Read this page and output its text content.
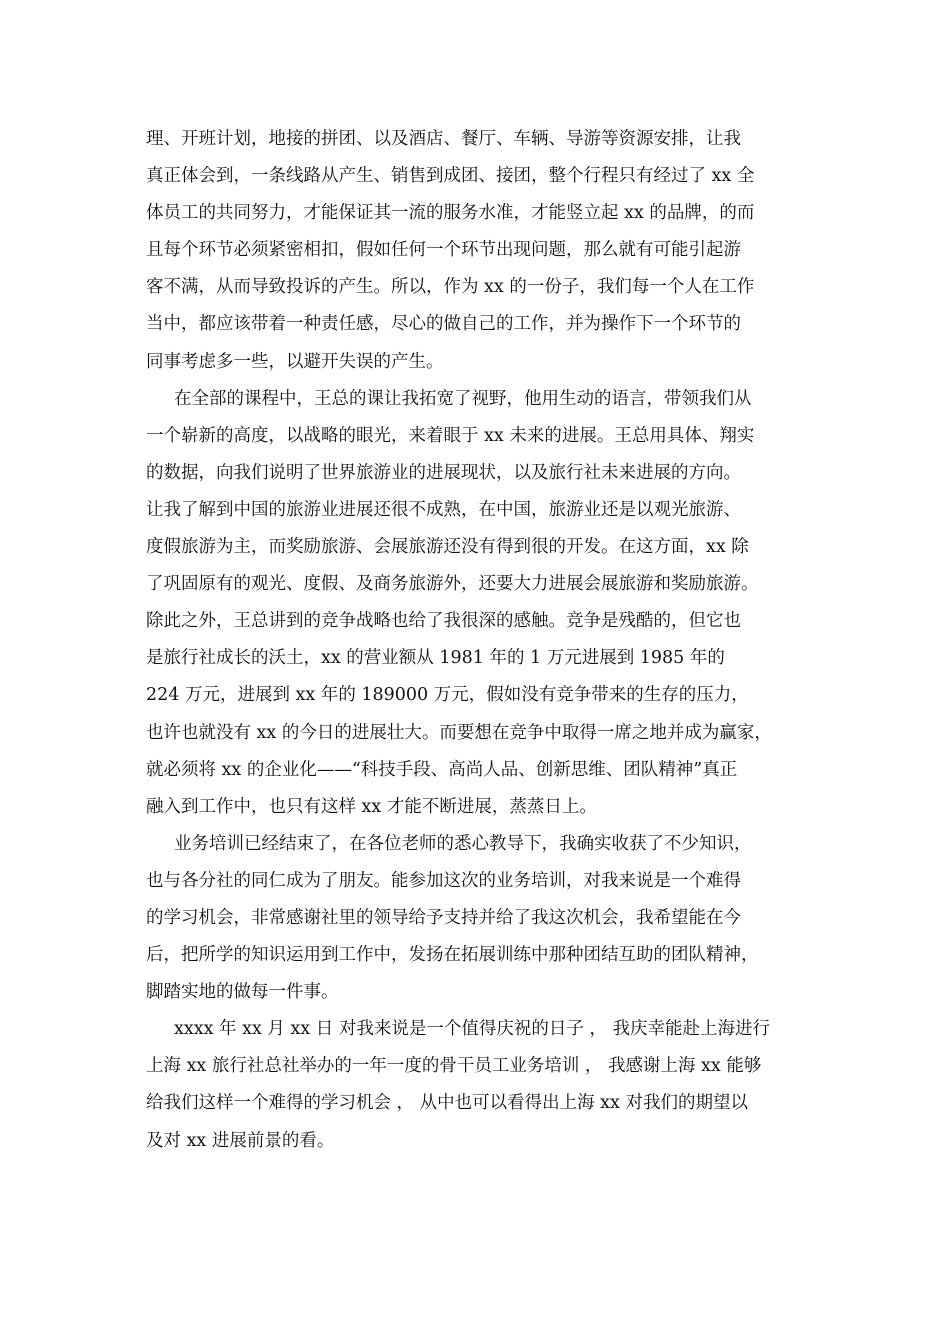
理、开班计划，地接的拼团、以及酒店、餐厅、车辆、导游等资源安排，让我
真正体会到，一条线路从产生、销售到成团、接团，整个行程只有经过了 xx 全
体员工的共同努力，才能保证其一流的服务水准，才能竖立起 xx 的品牌，的而
且每个环节必须紧密相扣，假如任何一个环节出现问题，那么就有可能引起游
客不满，从而导致投诉的产生。所以，作为 xx 的一份子，我们每一个人在工作
当中，都应该带着一种责任感，尽心的做自己的工作，并为操作下一个环节的
同事考虑多一些，以避开失误的产生。
在全部的课程中，王总的课让我拓宽了视野，他用生动的语言，带领我们从
一个崭新的高度，以战略的眼光，来着眼于 xx 未来的进展。王总用具体、翔实
的数据，向我们说明了世界旅游业的进展现状，以及旅行社未来进展的方向。
让我了解到中国的旅游业进展还很不成熟，在中国，旅游业还是以观光旅游、
度假旅游为主，而奖励旅游、会展旅游还没有得到很的开发。在这方面，xx 除
了巩固原有的观光、度假、及商务旅游外，还要大力进展会展旅游和奖励旅游。
除此之外，王总讲到的竞争战略也给了我很深的感触。竞争是残酷的，但它也
是旅行社成长的沃土，xx 的营业额从 1981 年的 1 万元进展到 1985 年的
224 万元，进展到 xx 年的 189000 万元，假如没有竞争带来的生存的压力，
也许也就没有 xx 的今日的进展壮大。而要想在竞争中取得一席之地并成为赢家，
就必须将 xx 的企业化——“科技手段、高尚人品、创新思维、团队精神”真正
融入到工作中，也只有这样 xx 才能不断进展，蒸蒸日上。
业务培训已经结束了，在各位老师的悉心教导下，我确实收获了不少知识，
也与各分社的同仁成为了朋友。能参加这次的业务培训，对我来说是一个难得
的学习机会，非常感谢社里的领导给予支持并给了我这次机会，我希望能在今
后，把所学的知识运用到工作中，发扬在拓展训练中那种团结互助的团队精神，
脚踏实地的做每一件事。
xxxx 年 xx 月 xx 日 对我来说是一个值得庆祝的日子 ， 我庆幸能赴上海进行
上海 xx 旅行社总社举办的一年一度的骨干员工业务培训 ， 我感谢上海 xx 能够
给我们这样一个难得的学习机会 ， 从中也可以看得出上海 xx 对我们的期望以
及对 xx 进展前景的看。
